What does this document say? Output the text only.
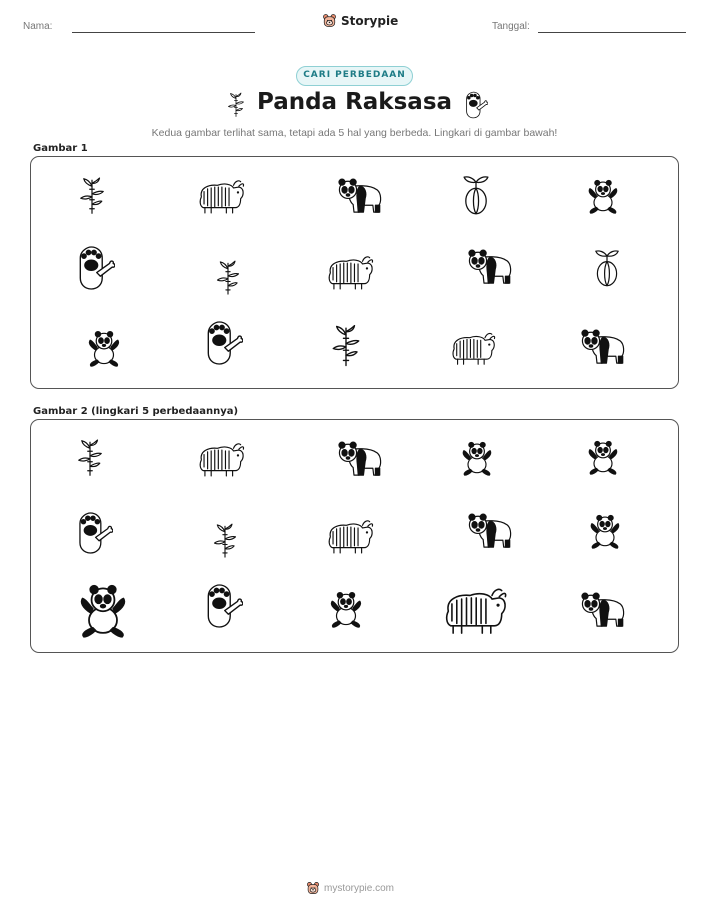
Nama:	Storypie	Tanggal:
CARI PERBEDAAN
Panda Raksasa
Kedua gambar terlihat sama, tetapi ada 5 hal yang berbeda. Lingkari di gambar bawah!
Gambar 1
Gambar 2 (lingkari 5 perbedaannya)
mystorypie.com
